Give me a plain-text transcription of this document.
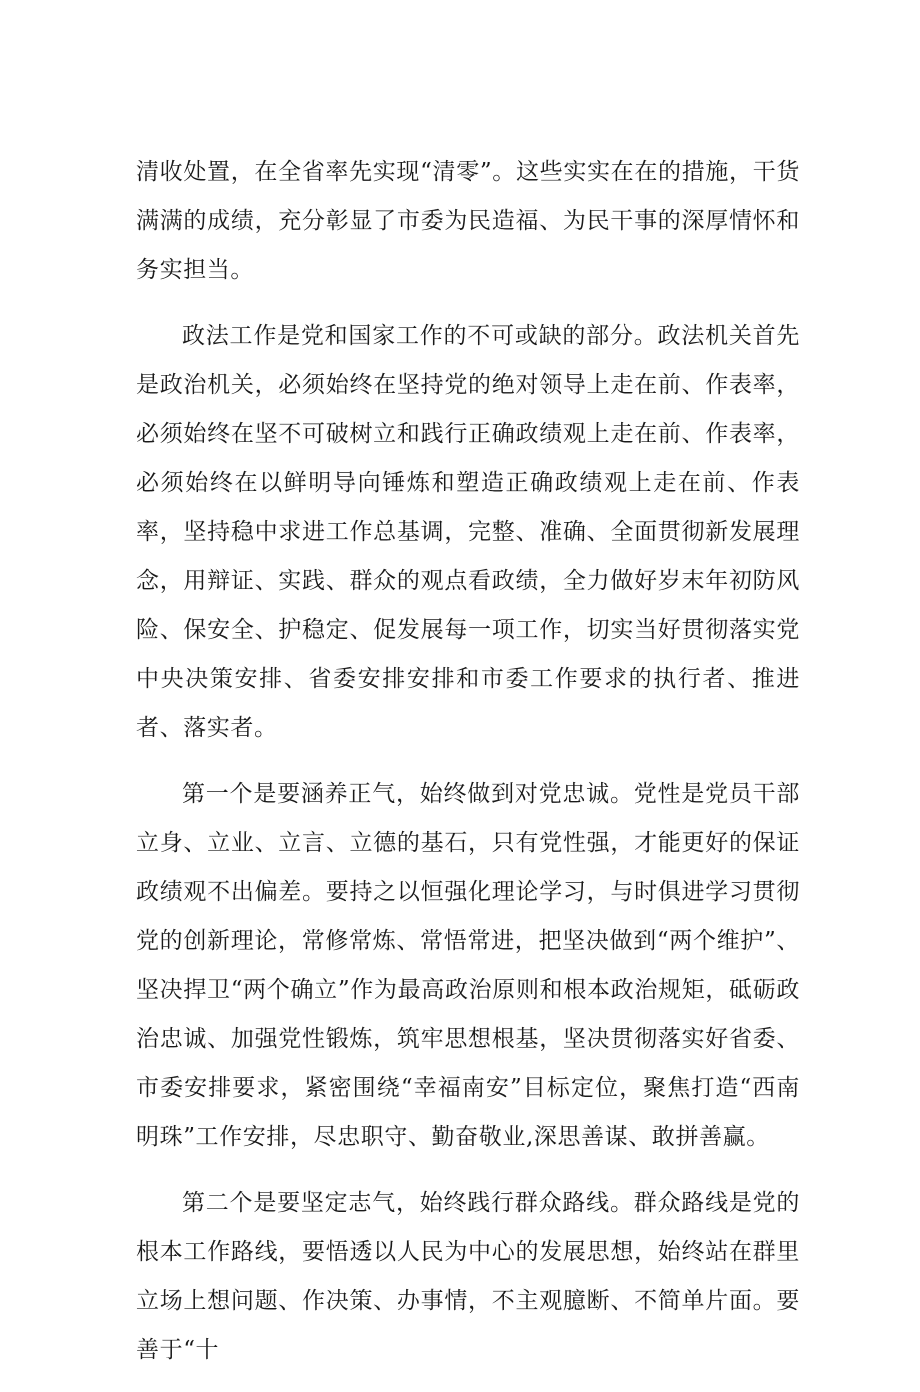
清收处置，在全省率先实现“清零”。这些实实在在的措施，干货满满的成绩，充分彰显了市委为民造福、为民干事的深厚情怀和务实担当。

政法工作是党和国家工作的不可或缺的部分。政法机关首先是政治机关，必须始终在坚持党的绝对领导上走在前、作表率，必须始终在坚不可破树立和践行正确政绩观上走在前、作表率，必须始终在以鲜明导向锤炼和塑造正确政绩观上走在前、作表率，坚持稳中求进工作总基调，完整、准确、全面贯彻新发展理念，用辩证、实践、群众的观点看政绩，全力做好岁末年初防风险、保安全、护稳定、促发展每一项工作，切实当好贯彻落实党中央决策安排、省委安排安排和市委工作要求的执行者、推进者、落实者。

第一个是要涵养正气，始终做到对党忠诚。党性是党员干部立身、立业、立言、立德的基石，只有党性强，才能更好的保证政绩观不出偏差。要持之以恒强化理论学习，与时俱进学习贯彻党的创新理论，常修常炼、常悟常进，把坚决做到“两个维护”、坚决捍卫“两个确立”作为最高政治原则和根本政治规矩，砥砺政治忠诚、加强党性锻炼，筑牢思想根基，坚决贯彻落实好省委、市委安排要求，紧密围绕“幸福南安”目标定位，聚焦打造“西南明珠”工作安排，尽忠职守、勤奋敬业,深思善谋、敢拼善赢。

第二个是要坚定志气，始终践行群众路线。群众路线是党的根本工作路线，要悟透以人民为中心的发展思想，始终站在群里立场上想问题、作决策、办事情，不主观臆断、不简单片面。要善于“十
